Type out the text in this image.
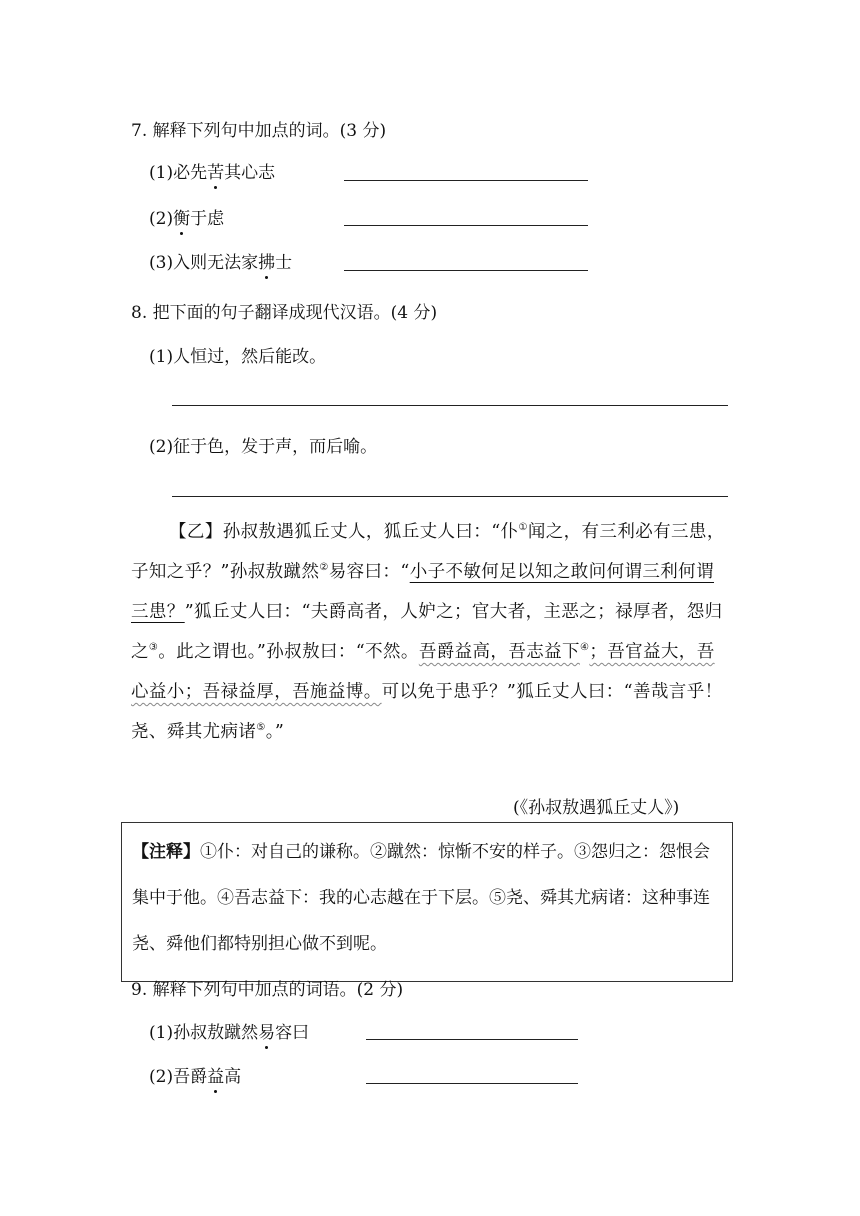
7. 解释下列句中加点的词。(3 分)
(1)必先苦其心志
(2)衡于虑
(3)入则无法家拂士
8. 把下面的句子翻译成现代汉语。(4 分)
(1)人恒过，然后能改。
(2)征于色，发于声，而后喻。
【乙】孙叔敖遇狐丘丈人，狐丘丈人曰：“仆①闻之，有三利必有三患，子知之乎？”孙叔敖蹴然②易容曰：“小子不敏何足以知之敢问何谓三利何谓三患？”狐丘丈人曰：“夫爵高者，人妒之；官大者，主恶之；禄厚者，怨归之③。此之谓也。”孙叔敖曰：“不然。吾爵益高，吾志益下④；吾官益大，吾心益小；吾禄益厚，吾施益博。可以免于患乎？”狐丘丈人曰：“善哉言乎！尧、舜其尤病诸⑤。”
(《孙叔敖遇狐丘丈人》)
【注释】①仆：对自己的谦称。②蹴然：惊惭不安的样子。③怨归之：怨恨会集中于他。④吾志益下：我的心志越在于下层。⑤尧、舜其尤病诸：这种事连尧、舜他们都特别担心做不到呢。
9. 解释下列句中加点的词语。(2 分)
(1)孙叔敖蹴然易容曰
(2)吾爵益高
